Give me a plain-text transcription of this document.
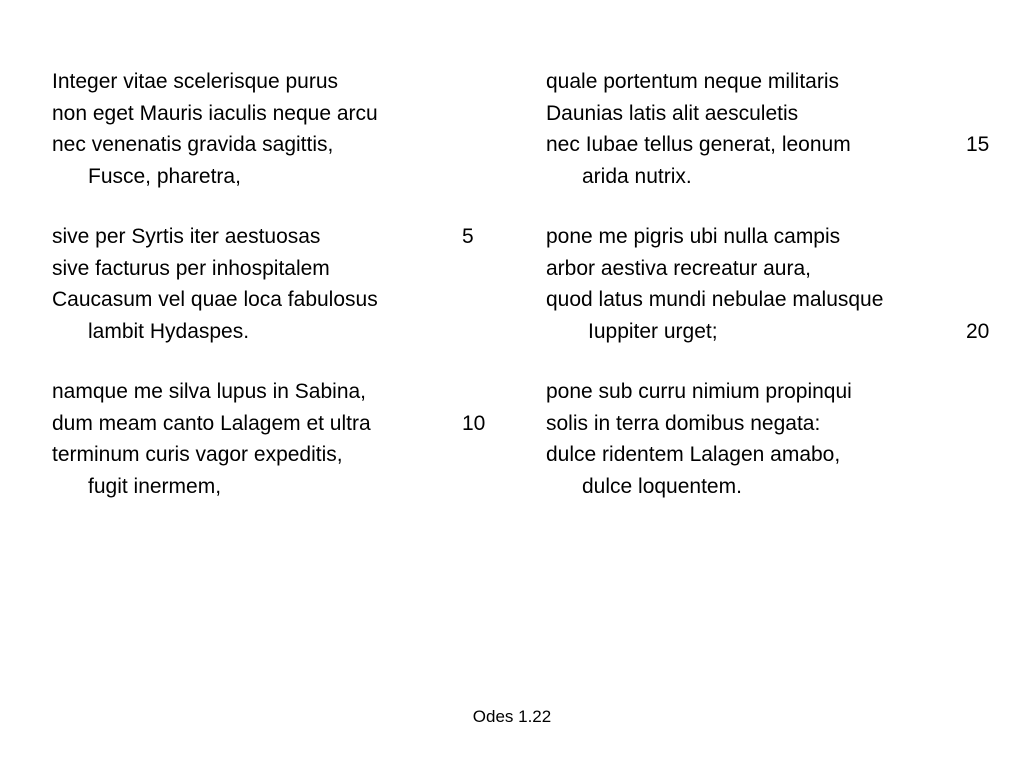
Integer vitae scelerisque purus
non eget Mauris iaculis neque arcu
nec venenatis gravida sagittis,
Fusce, pharetra,
sive per Syrtis iter aestuosas	5
sive facturus per inhospitalem
Caucasum vel quae loca fabulosus
lambit Hydaspes.
namque me silva lupus in Sabina,
dum meam canto Lalagem et ultra	10
terminum curis vagor expeditis,
fugit inermem,
quale portentum neque militaris
Daunias latis alit aesculetis
nec Iubae tellus generat, leonum	15
arida nutrix.
pone me pigris ubi nulla campis
arbor aestiva recreatur aura,
quod latus mundi nebulae malusque
Iuppiter urget;	20
pone sub curru nimium propinqui
solis in terra domibus negata:
dulce ridentem Lalagen amabo,
dulce loquentem.
Odes 1.22
